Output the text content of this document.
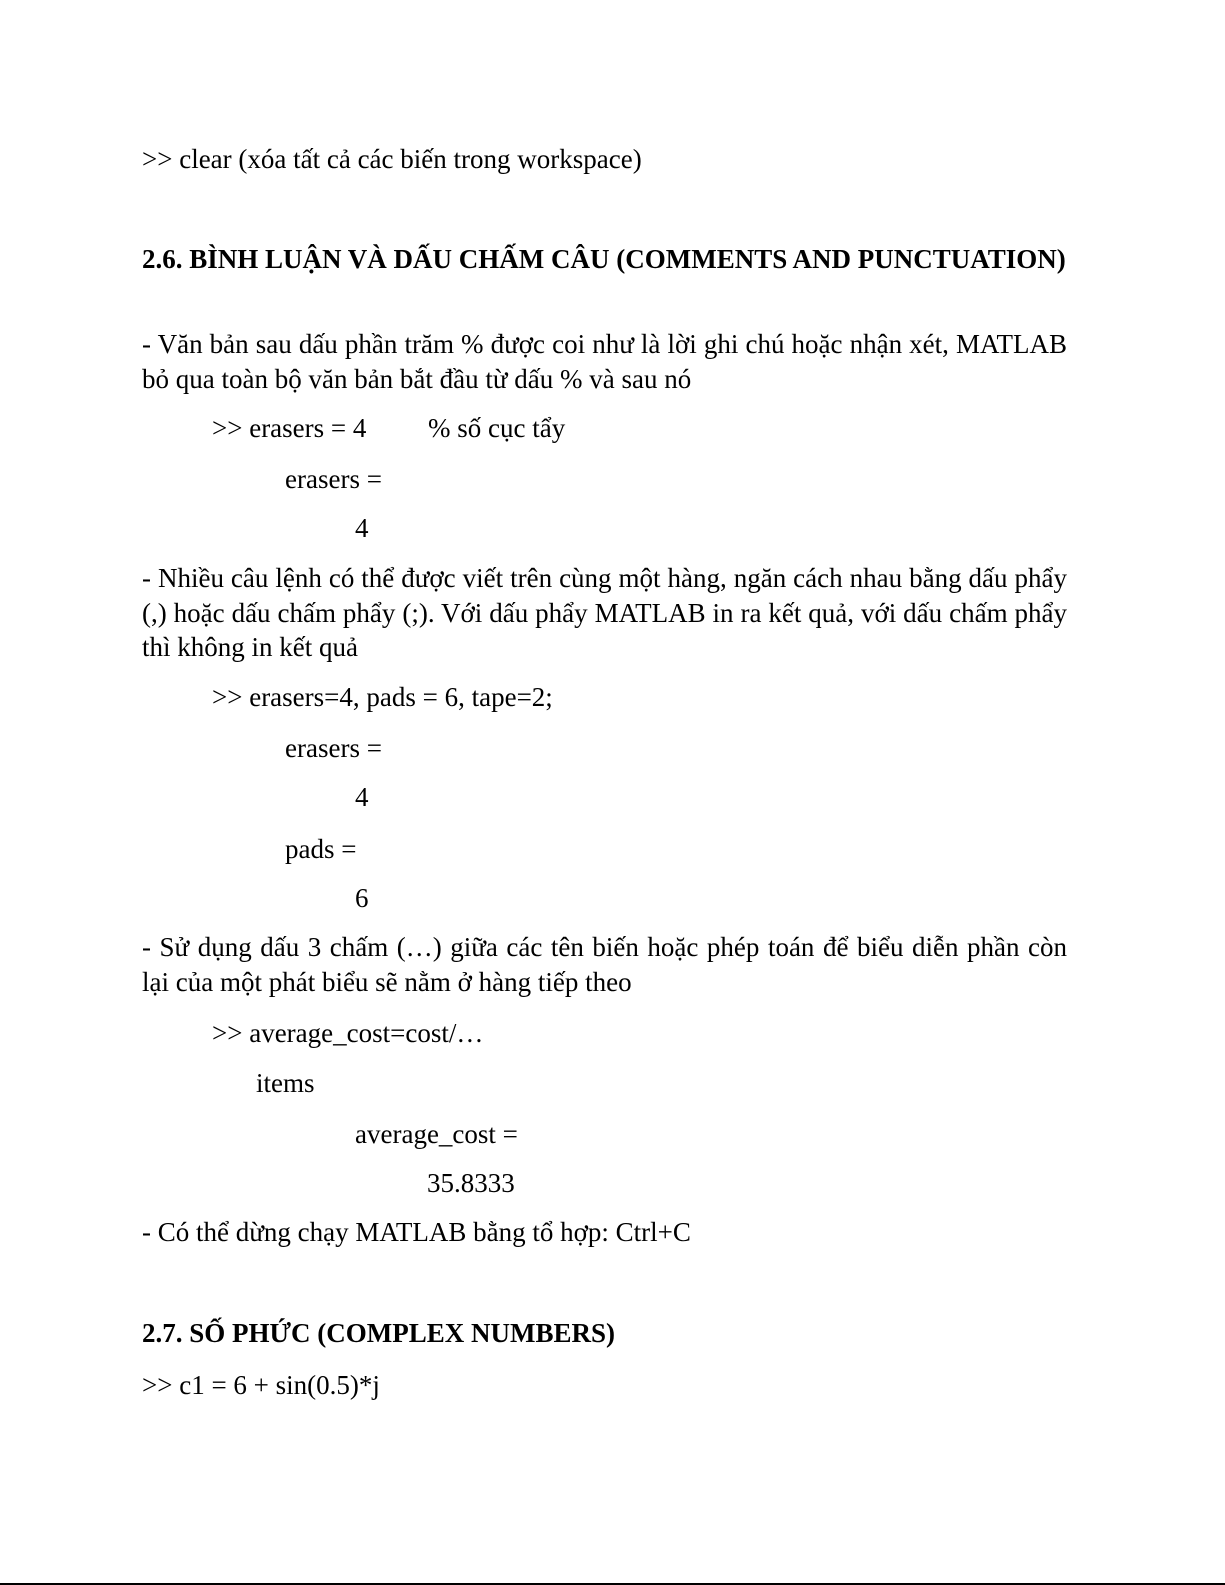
>> clear (xóa tất cả các biến trong workspace)
2.6. BÌNH LUẬN VÀ DẤU CHẤM CÂU (COMMENTS AND PUNCTUATION)
- Văn bản sau dấu phần trăm % được coi như là lời ghi chú hoặc nhận xét, MATLAB bỏ qua toàn bộ văn bản bắt đầu từ dấu % và sau nó
>> erasers = 4 % số cục tẩy
erasers =
4
- Nhiều câu lệnh có thể được viết trên cùng một hàng, ngăn cách nhau bằng dấu phẩy (,) hoặc dấu chấm phẩy (;). Với dấu phẩy MATLAB in ra kết quả, với dấu chấm phẩy thì không in kết quả
>> erasers=4, pads = 6, tape=2;
erasers =
4
pads =
6
- Sử dụng dấu 3 chấm (…) giữa các tên biến hoặc phép toán để biểu diễn phần còn lại của một phát biểu sẽ nằm ở hàng tiếp theo
>> average_cost=cost/…
items
average_cost =
35.8333
- Có thể dừng chạy MATLAB bằng tổ hợp: Ctrl+C
2.7. SỐ PHỨC (COMPLEX NUMBERS)
>> c1 = 6 + sin(0.5)*j
